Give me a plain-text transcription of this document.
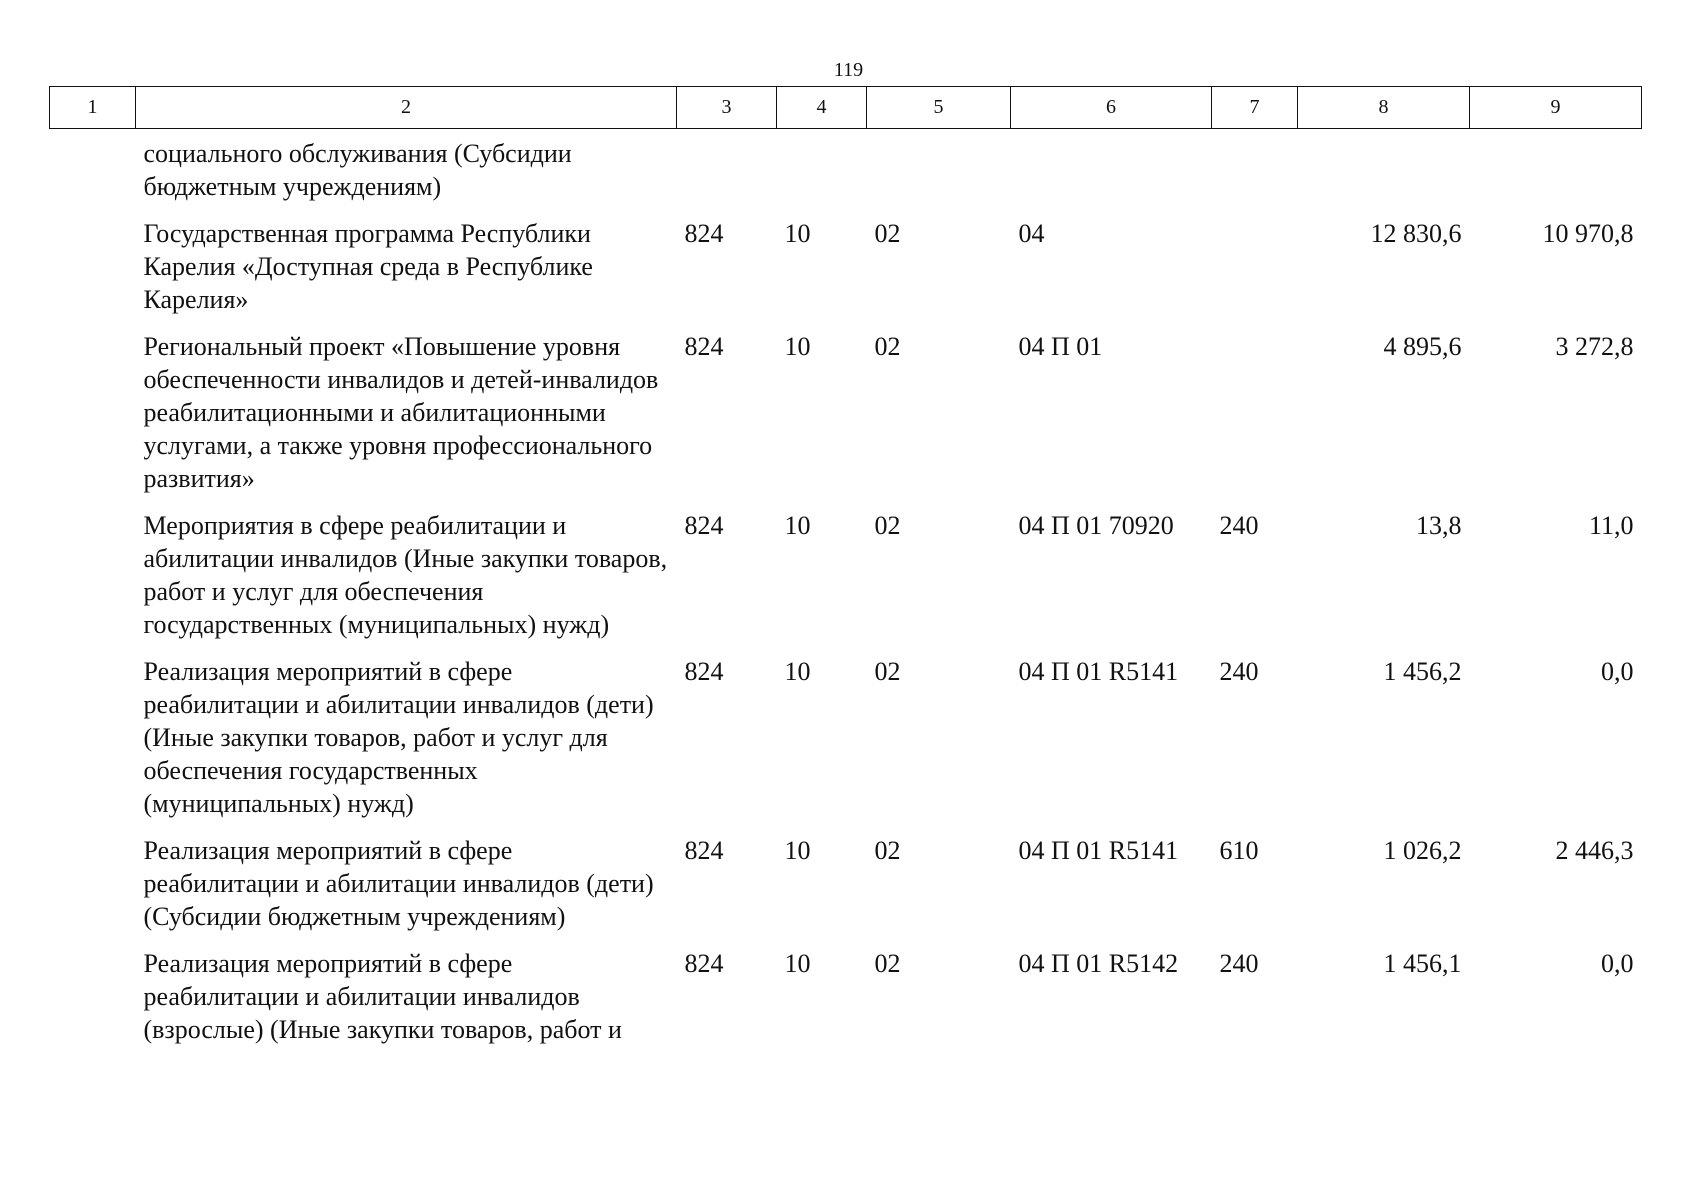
119
1	2	3	4	5	6	7	8	9
	социального обслуживания (Субсидии бюджетным учреждениям)							
	Государственная программа Республики Карелия «Доступная среда в Республике Карелия»	824	10	02	04		12 830,6	10 970,8
	Региональный проект «Повышение уровня обеспеченности инвалидов и детей-инвалидов реабилитационными и абилитационными услугами, а также уровня профессионального развития»	824	10	02	04 П 01		4 895,6	3 272,8
	Мероприятия в сфере реабилитации и абилитации инвалидов (Иные закупки товаров, работ и услуг для обеспечения государственных (муниципальных) нужд)	824	10	02	04 П 01 70920	240	13,8	11,0
	Реализация мероприятий в сфере реабилитации и абилитации инвалидов (дети) (Иные закупки товаров, работ и услуг для обеспечения государственных (муниципальных) нужд)	824	10	02	04 П 01 R5141	240	1 456,2	0,0
	Реализация мероприятий в сфере реабилитации и абилитации инвалидов (дети) (Субсидии бюджетным учреждениям)	824	10	02	04 П 01 R5141	610	1 026,2	2 446,3
	Реализация мероприятий в сфере реабилитации и абилитации инвалидов (взрослые) (Иные закупки товаров, работ и	824	10	02	04 П 01 R5142	240	1 456,1	0,0
